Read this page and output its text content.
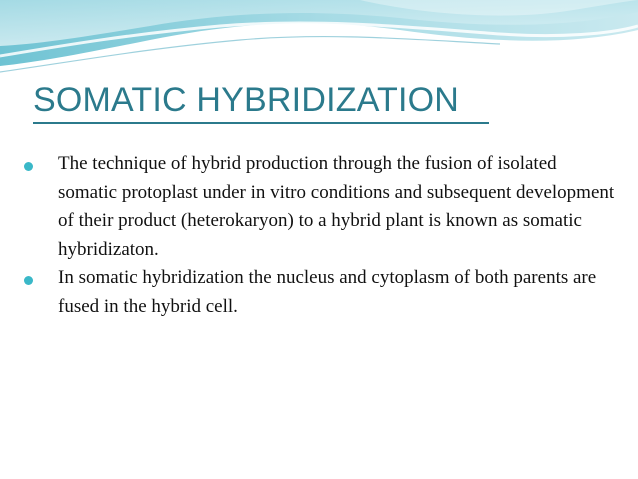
SOMATIC HYBRIDIZATION
The technique of hybrid production through the fusion of isolated somatic protoplast under in vitro conditions and subsequent development of their product (heterokaryon) to a hybrid plant is known as somatic hybridizaton.
In somatic hybridization the nucleus and cytoplasm of both parents are fused in the hybrid cell.
